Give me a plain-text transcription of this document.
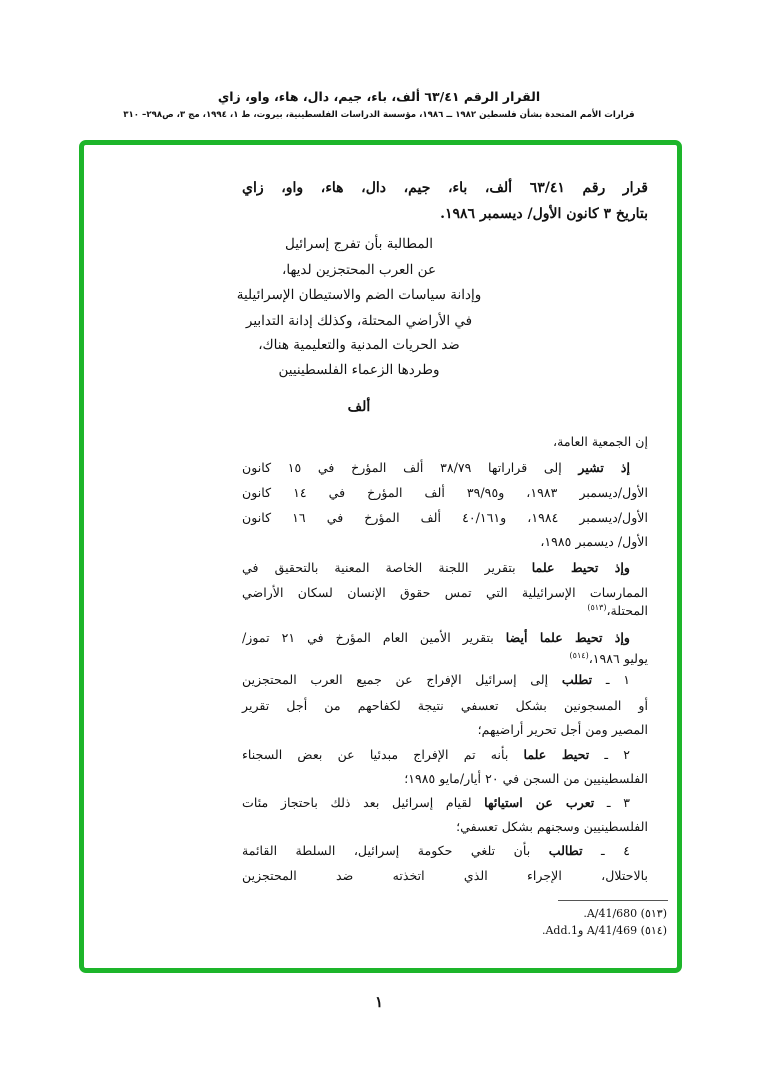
القرار الرقم ٦٣/٤١ ألف، باء، جيم، دال، هاء، واو، زاي
قرارات الأمم المتحدة بشأن فلسطين ١٩٨٢ ــ ١٩٨٦، مؤسسة الدراسات الفلسطينية، بيروت، ط ١، ١٩٩٤، مج ٣، ص٢٩٨– ٣١٠
قرار رقم ٦٣/٤١ ألف، باء، جيم، دال، هاء، واو، زاي
بتاريخ ٣ كانون الأول/ ديسمبر ١٩٨٦.
المطالبة بأن تفرج إسرائيل
عن العرب المحتجزين لديها،
وإدانة سياسات الضم والاستيطان الإسرائيلية
في الأراضي المحتلة، وكذلك إدانة التدابير
ضد الحريات المدنية والتعليمية هناك،
وطردها الزعماء الفلسطينيين
ألف
إن الجمعية العامة،
إذ تشير إلى قراراتها ٣٨/٧٩ ألف المؤرخ في ١٥ كانون
الأول/ديسمبر ١٩٨٣، و٣٩/٩٥ ألف المؤرخ في ١٤ كانون
الأول/ديسمبر ١٩٨٤، و٤٠/١٦١ ألف المؤرخ في ١٦ كانون
الأول/ ديسمبر ١٩٨٥،
وإذ تحيط علما بتقرير اللجنة الخاصة المعنية بالتحقيق في
الممارسات الإسرائيلية التي تمس حقوق الإنسان لسكان الأراضي
المحتلة،$^{(٥١٣)}$
وإذ تحيط علما أيضا بتقرير الأمين العام المؤرخ في ٢١ تموز/
يوليو ١٩٨٦،$^{(٥١٤)}$
١ ـ تطلب إلى إسرائيل الإفراج عن جميع العرب المحتجزين
أو المسجونين بشكل تعسفي نتيجة لكفاحهم من أجل تقرير
المصير ومن أجل تحرير أراضيهم؛
٢ ـ تحيط علما بأنه تم الإفراج مبدئيا عن بعض السجناء
الفلسطينيين من السجن في ٢٠ أيار/مايو ١٩٨٥؛
٣ ـ تعرب عن استيائها لقيام إسرائيل بعد ذلك باحتجاز مئات
الفلسطينيين وسجنهم بشكل تعسفي؛
٤ ـ تطالب بأن تلغي حكومة إسرائيل، السلطة القائمة
بالاحتلال، الإجراء الذي اتخذته ضد المحتجزين
(٥١٣) A/41/680.
(٥١٤) A/41/469 وAdd.1.
١
